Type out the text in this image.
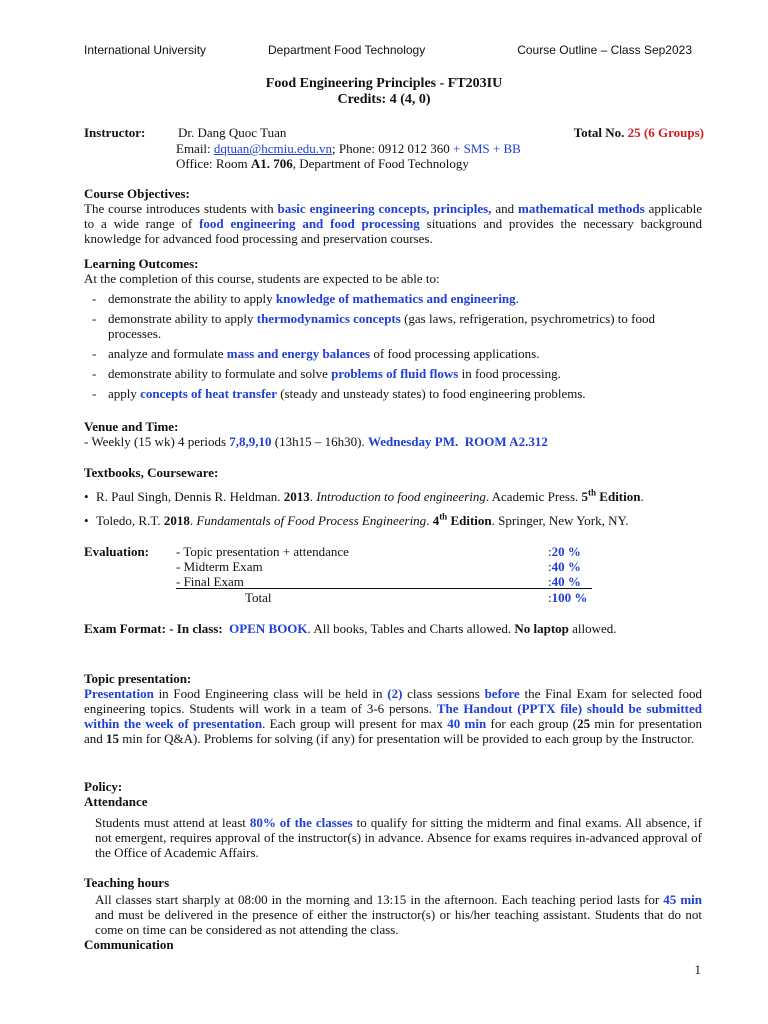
International University	Department Food Technology	Course Outline – Class Sep2023
Food Engineering Principles - FT203IU
Credits: 4 (4, 0)
Instructor:	Dr. Dang Quoc Tuan	Total No. 25 (6 Groups)
Email: dqtuan@hcmiu.edu.vn; Phone: 0912 012 360 + SMS + BB
Office: Room A1. 706, Department of Food Technology
Course Objectives:
The course introduces students with basic engineering concepts, principles, and mathematical methods applicable to a wide range of food engineering and food processing situations and provides the necessary background knowledge for advanced food processing and preservation courses.
Learning Outcomes:
At the completion of this course, students are expected to be able to:
- demonstrate the ability to apply knowledge of mathematics and engineering.
- demonstrate ability to apply thermodynamics concepts (gas laws, refrigeration, psychrometrics) to food processes.
- analyze and formulate mass and energy balances of food processing applications.
- demonstrate ability to formulate and solve problems of fluid flows in food processing.
- apply concepts of heat transfer (steady and unsteady states) to food engineering problems.
Venue and Time:
- Weekly (15 wk) 4 periods 7,8,9,10 (13h15 – 16h30). Wednesday PM. ROOM A2.312
Textbooks, Courseware:
• R. Paul Singh, Dennis R. Heldman. 2013. Introduction to food engineering. Academic Press. 5th Edition.
• Toledo, R.T. 2018. Fundamentals of Food Process Engineering. 4th Edition. Springer, New York, NY.
Evaluation: - Topic presentation + attendance	:20 %
- Midterm Exam	:40 %
- Final Exam	:40 %
Total	:100 %
Exam Format: - In class: OPEN BOOK. All books, Tables and Charts allowed. No laptop allowed.
Topic presentation:
Presentation in Food Engineering class will be held in (2) class sessions before the Final Exam for selected food engineering topics. Students will work in a team of 3-6 persons. The Handout (PPTX file) should be submitted within the week of presentation. Each group will present for max 40 min for each group (25 min for presentation and 15 min for Q&A). Problems for solving (if any) for presentation will be provided to each group by the Instructor.
Policy:
Attendance
Students must attend at least 80% of the classes to qualify for sitting the midterm and final exams. All absence, if not emergent, requires approval of the instructor(s) in advance. Absence for exams requires in-advanced approval of the Office of Academic Affairs.
Teaching hours
All classes start sharply at 08:00 in the morning and 13:15 in the afternoon. Each teaching period lasts for 45 min and must be delivered in the presence of either the instructor(s) or his/her teaching assistant. Students that do not come on time can be considered as not attending the class.
Communication
1
